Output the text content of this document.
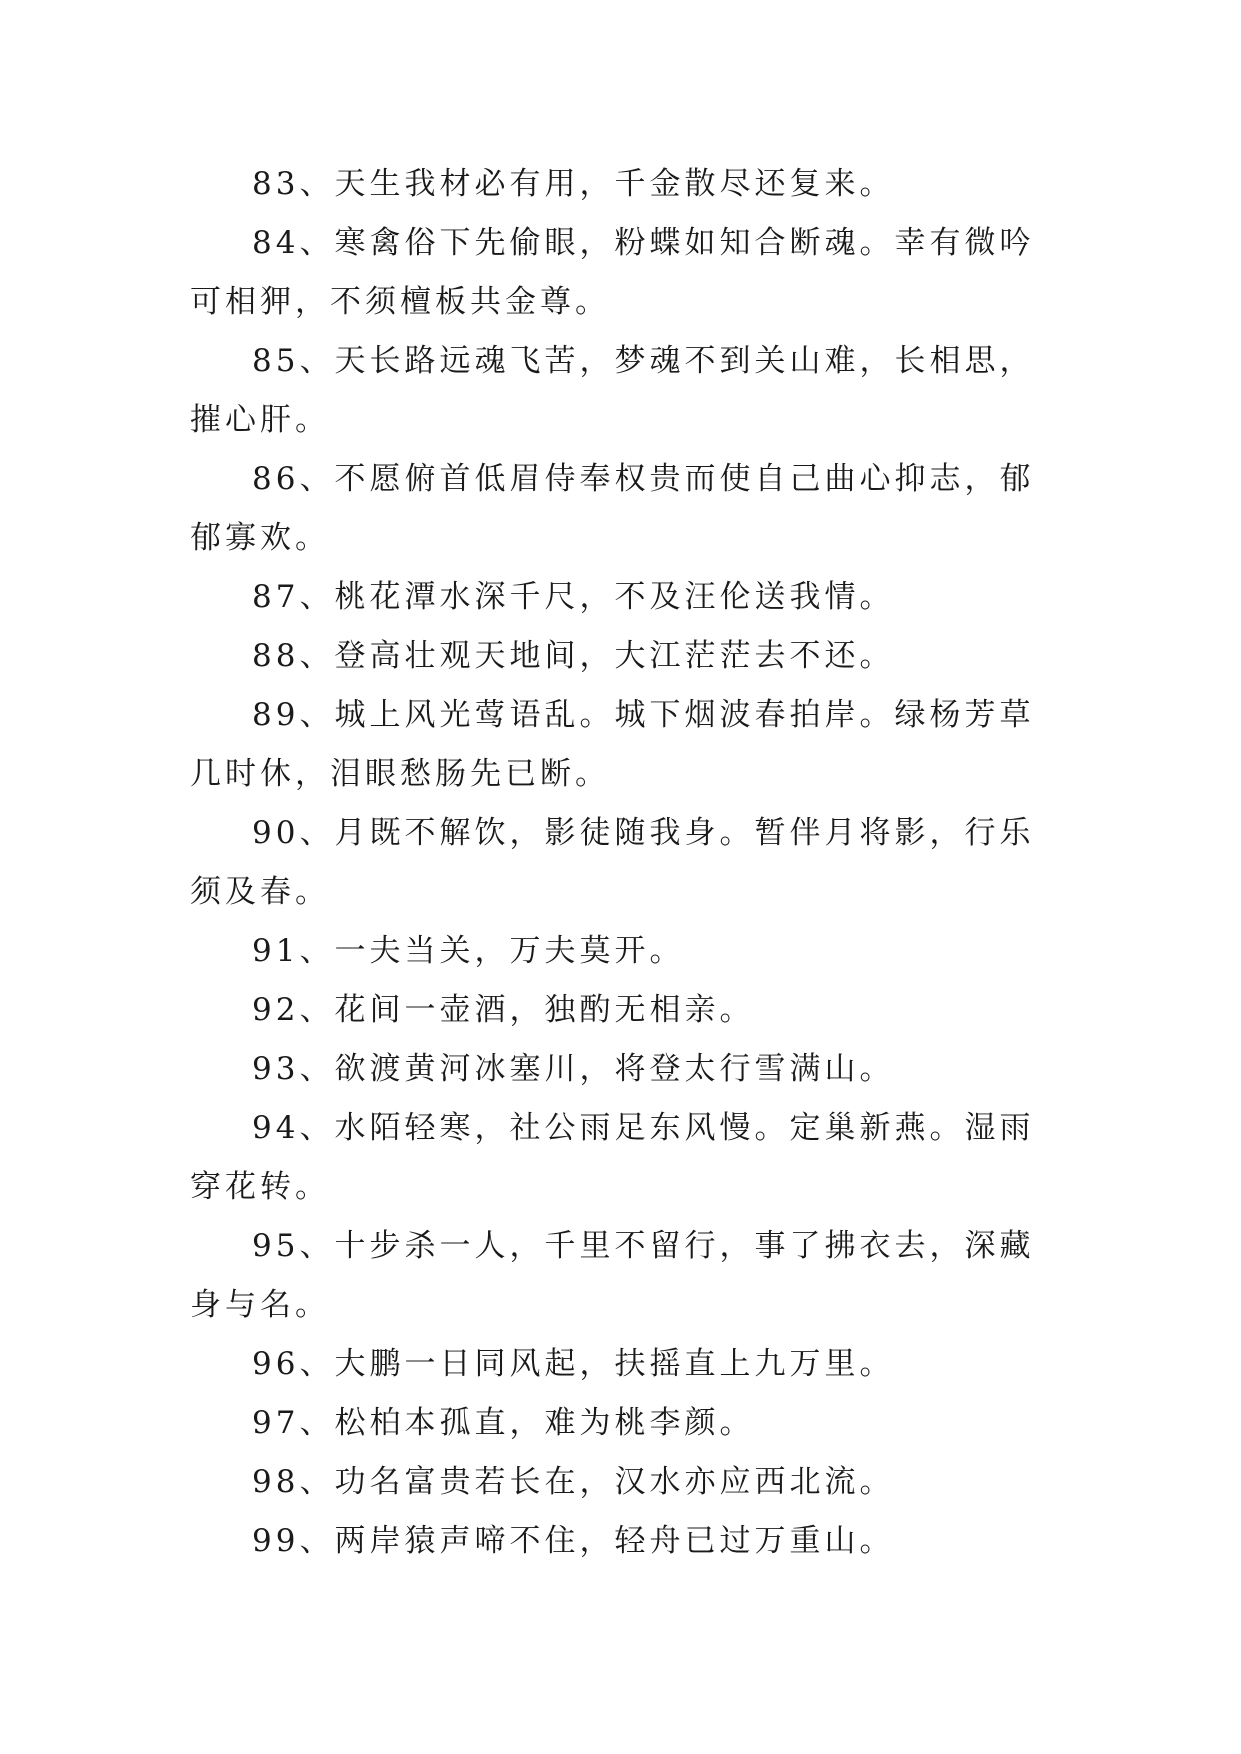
83、天生我材必有用，千金散尽还复来。

84、寒禽俗下先偷眼，粉蝶如知合断魂。幸有微吟可相狎，不须檀板共金尊。

85、天长路远魂飞苦，梦魂不到关山难，长相思，摧心肝。

86、不愿俯首低眉侍奉权贵而使自己曲心抑志，郁郁寡欢。

87、桃花潭水深千尺，不及汪伦送我情。

88、登高壮观天地间，大江茫茫去不还。

89、城上风光莺语乱。城下烟波春拍岸。绿杨芳草几时休，泪眼愁肠先已断。

90、月既不解饮，影徒随我身。暂伴月将影，行乐须及春。

91、一夫当关，万夫莫开。

92、花间一壶酒，独酌无相亲。

93、欲渡黄河冰塞川，将登太行雪满山。

94、水陌轻寒，社公雨足东风慢。定巢新燕。湿雨穿花转。

95、十步杀一人，千里不留行，事了拂衣去，深藏身与名。

96、大鹏一日同风起，扶摇直上九万里。

97、松柏本孤直，难为桃李颜。

98、功名富贵若长在，汉水亦应西北流。

99、两岸猿声啼不住，轻舟已过万重山。
